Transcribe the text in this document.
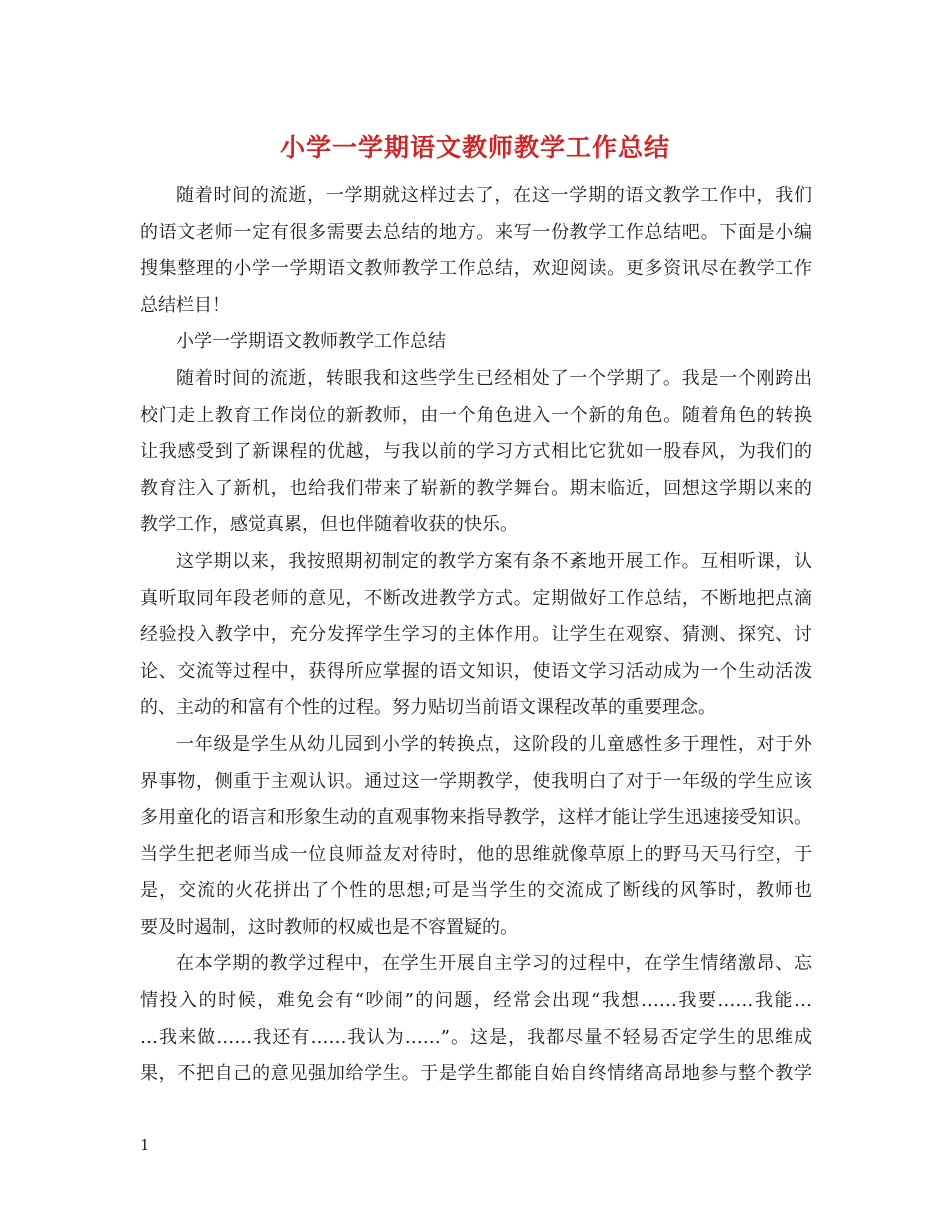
小学一学期语文教师教学工作总结
随着时间的流逝，一学期就这样过去了，在这一学期的语文教学工作中，我们
的语文老师一定有很多需要去总结的地方。来写一份教学工作总结吧。下面是小编
搜集整理的小学一学期语文教师教学工作总结，欢迎阅读。更多资讯尽在教学工作
总结栏目！
小学一学期语文教师教学工作总结
随着时间的流逝，转眼我和这些学生已经相处了一个学期了。我是一个刚跨出
校门走上教育工作岗位的新教师，由一个角色进入一个新的角色。随着角色的转换
让我感受到了新课程的优越，与我以前的学习方式相比它犹如一股春风，为我们的
教育注入了新机，也给我们带来了崭新的教学舞台。期末临近，回想这学期以来的
教学工作，感觉真累，但也伴随着收获的快乐。
这学期以来，我按照期初制定的教学方案有条不紊地开展工作。互相听课，认
真听取同年段老师的意见，不断改进教学方式。定期做好工作总结，不断地把点滴
经验投入教学中，充分发挥学生学习的主体作用。让学生在观察、猜测、探究、讨
论、交流等过程中，获得所应掌握的语文知识，使语文学习活动成为一个生动活泼
的、主动的和富有个性的过程。努力贴切当前语文课程改革的重要理念。
一年级是学生从幼儿园到小学的转换点，这阶段的儿童感性多于理性，对于外
界事物，侧重于主观认识。通过这一学期教学，使我明白了对于一年级的学生应该
多用童化的语言和形象生动的直观事物来指导教学，这样才能让学生迅速接受知识。
当学生把老师当成一位良师益友对待时，他的思维就像草原上的野马天马行空，于
是，交流的火花拼出了个性的思想;可是当学生的交流成了断线的风筝时，教师也
要及时遏制，这时教师的权威也是不容置疑的。
在本学期的教学过程中，在学生开展自主学习的过程中，在学生情绪激昂、忘
情投入的时候，难免会有“吵闹”的问题，经常会出现“我想……我要……我能…
…我来做……我还有……我认为……”。这是，我都尽量不轻易否定学生的思维成
果，不把自己的意见强加给学生。于是学生都能自始自终情绪高昂地参与整个教学
1
